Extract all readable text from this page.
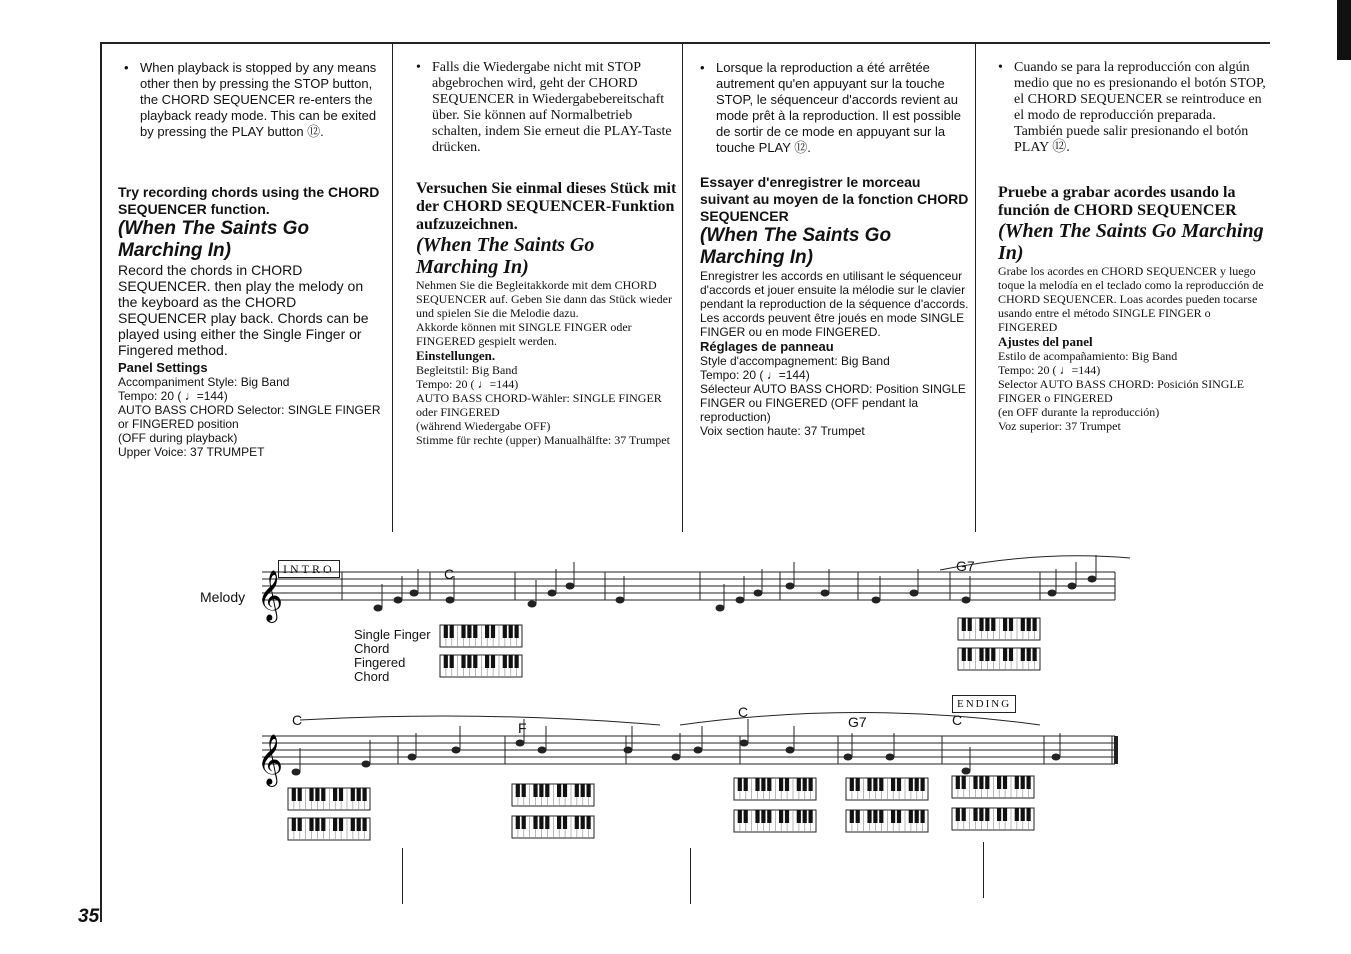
• When playback is stopped by any means other then by pressing the STOP button, the CHORD SEQUENCER re-enters the playback ready mode. This can be exited by pressing the PLAY button ⑫.
Try recording chords using the CHORD SEQUENCER function.
(When The Saints Go Marching In)
Record the chords in CHORD SEQUENCER. then play the melody on the keyboard as the CHORD SEQUENCER play back. Chords can be played using either the Single Finger or Fingered method.
Panel Settings
Accompaniment Style: Big Band
Tempo: 20 ( ♩=144)
AUTO BASS CHORD Selector: SINGLE FINGER or FINGERED position
(OFF during playback)
Upper Voice: 37 TRUMPET
• Falls die Wiedergabe nicht mit STOP abgebrochen wird, geht der CHORD SEQUENCER in Wiedergabebereitschaft über. Sie können auf Normalbetrieb schalten, indem Sie erneut die PLAY-Taste drücken.
Versuchen Sie einmal dieses Stück mit der CHORD SEQUENCER-Funktion aufzuzeichnen.
(When The Saints Go Marching In)
Nehmen Sie die Begleitakkorde mit dem CHORD SEQUENCER auf. Geben Sie dann das Stück wieder und spielen Sie die Melodie dazu.
Akkorde können mit SINGLE FINGER oder FINGERED gespielt werden.
Einstellungen.
Begleitstil: Big Band
Tempo: 20 ( ♩=144)
AUTO BASS CHORD-Wähler: SINGLE FINGER oder FINGERED
(während Wiedergabe OFF)
Stimme für rechte (upper) Manualhälfte: 37 Trumpet
• Lorsque la reproduction a été arrêtée autrement qu'en appuyant sur la touche STOP, le séquenceur d'accords revient au mode prêt à la reproduction. Il est possible de sortir de ce mode en appuyant sur la touche PLAY ⑫.
Essayer d'enregistrer le morceau suivant au moyen de la fonction CHORD SEQUENCER
(When The Saints Go Marching In)
Enregistrer les accords en utilisant le séquenceur d'accords et jouer ensuite la mélodie sur le clavier pendant la reproduction de la séquence d'accords. Les accords peuvent être joués en mode SINGLE FINGER ou en mode FINGERED.
Réglages de panneau
Style d'accompagnement: Big Band
Tempo: 20 ( ♩=144)
Sélecteur AUTO BASS CHORD: Position SINGLE FINGER ou FINGERED (OFF pendant la reproduction)
Voix section haute: 37 Trumpet
• Cuando se para la reproducción con algún medio que no es presionando el botón STOP, el CHORD SEQUENCER se reintroduce en el modo de reproducción preparada. También puede salir presionando el botón PLAY ⑫.
Pruebe a grabar acordes usando la función de CHORD SEQUENCER
(When The Saints Go Marching In)
Grabe los acordes en CHORD SEQUENCER y luego toque la melodía en el teclado como la reproducción de CHORD SEQUENCER. Loas acordes pueden tocarse usando entre el método SINGLE FINGER o FINGERED
Ajustes del panel
Estilo de acompañamiento: Big Band
Tempo: 20 ( ♩=144)
Selector AUTO BASS CHORD: Posición SINGLE FINGER o FINGERED
(en OFF durante la reproducción)
Voz superior: 37 Trumpet
INTRO
ENDING
Melody
Single Finger Chord
Fingered Chord
C	G7
C	F
C
G7	C
𝄞
𝄞
35
